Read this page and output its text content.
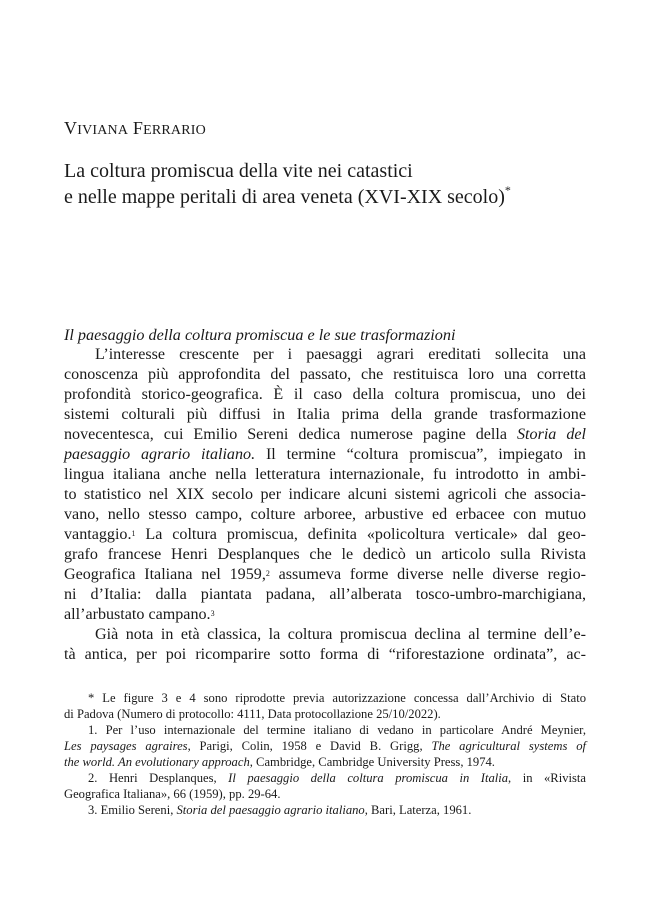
VIVIANA FERRARIO
La coltura promiscua della vite nei catastici
e nelle mappe peritali di area veneta (XVI-XIX secolo)*
Il paesaggio della coltura promiscua e le sue trasformazioni
L’interesse crescente per i paesaggi agrari ereditati sollecita una
conoscenza più approfondita del passato, che restituisca loro una corretta
profondità storico-geografica. È il caso della coltura promiscua, uno dei
sistemi colturali più diffusi in Italia prima della grande trasformazione
novecentesca, cui Emilio Sereni dedica numerose pagine della Storia del
paesaggio agrario italiano. Il termine “coltura promiscua”, impiegato in
lingua italiana anche nella letteratura internazionale, fu introdotto in ambi-
to statistico nel XIX secolo per indicare alcuni sistemi agricoli che associa-
vano, nello stesso campo, colture arboree, arbustive ed erbacee con mutuo
vantaggio.$^1$ La coltura promiscua, definita «policoltura verticale» dal geo-
grafo francese Henri Desplanques che le dedicò un articolo sulla Rivista
Geografica Italiana nel 1959,$^2$ assumeva forme diverse nelle diverse regio-
ni d’Italia: dalla piantata padana, all’alberata tosco-umbro-marchigiana,
all’arbustato campano.$^3$
Già nota in età classica, la coltura promiscua declina al termine dell’e-
tà antica, per poi ricomparire sotto forma di “riforestazione ordinata”, ac-
* Le figure 3 e 4 sono riprodotte previa autorizzazione concessa dall’Archivio di Stato
di Padova (Numero di protocollo: 4111, Data protocollazione 25/10/2022).
1. Per l’uso internazionale del termine italiano di vedano in particolare André Meynier,
Les paysages agraires, Parigi, Colin, 1958 e David B. Grigg, The agricultural systems of
the world. An evolutionary approach, Cambridge, Cambridge University Press, 1974.
2. Henri Desplanques, Il paesaggio della coltura promiscua in Italia, in «Rivista
Geografica Italiana», 66 (1959), pp. 29-64.
3. Emilio Sereni, Storia del paesaggio agrario italiano, Bari, Laterza, 1961.
